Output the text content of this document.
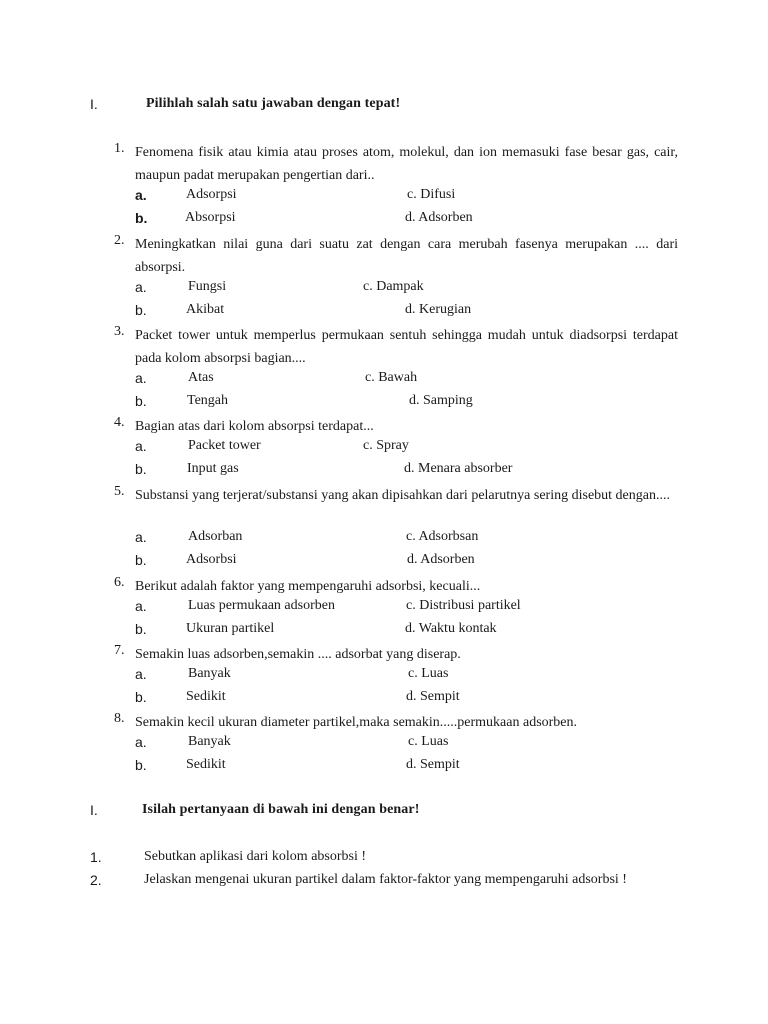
I.	Pilihlah salah satu jawaban dengan tepat!
1. Fenomena fisik atau kimia atau proses atom, molekul, dan ion memasuki fase besar gas, cair, maupun padat merupakan pengertian dari..
a.	Adsorpsi	c. Difusi
b.	Absorpsi	d. Adsorben
2. Meningkatkan nilai guna dari suatu zat dengan cara merubah fasenya merupakan .... dari absorpsi.
a.	Fungsi	c. Dampak
b.	Akibat	d. Kerugian
3. Packet tower untuk memperlus permukaan sentuh sehingga mudah untuk diadsorpsi terdapat pada kolom absorpsi bagian....
a.	Atas	c. Bawah
b.	Tengah	d. Samping
4. Bagian atas dari kolom absorpsi terdapat...
a.	Packet tower	c. Spray
b.	Input gas	d. Menara absorber
5. Substansi yang terjerat/substansi yang akan dipisahkan dari pelarutnya sering disebut dengan....
a.	Adsorban	c. Adsorbsan
b.	Adsorbsi	d. Adsorben
6. Berikut adalah faktor yang mempengaruhi adsorbsi, kecuali...
a.	Luas permukaan adsorben	c. Distribusi partikel
b.	Ukuran partikel	d. Waktu kontak
7. Semakin luas adsorben,semakin .... adsorbat yang diserap.
a.	Banyak	c. Luas
b.	Sedikit	d. Sempit
8. Semakin kecil ukuran diameter partikel,maka semakin.....permukaan adsorben.
a.	Banyak	c. Luas
b.	Sedikit	d. Sempit
I.	Isilah pertanyaan di bawah ini dengan benar!
1.	Sebutkan aplikasi dari kolom absorbsi !
2.	Jelaskan mengenai ukuran partikel dalam faktor-faktor yang mempengaruhi adsorbsi !
